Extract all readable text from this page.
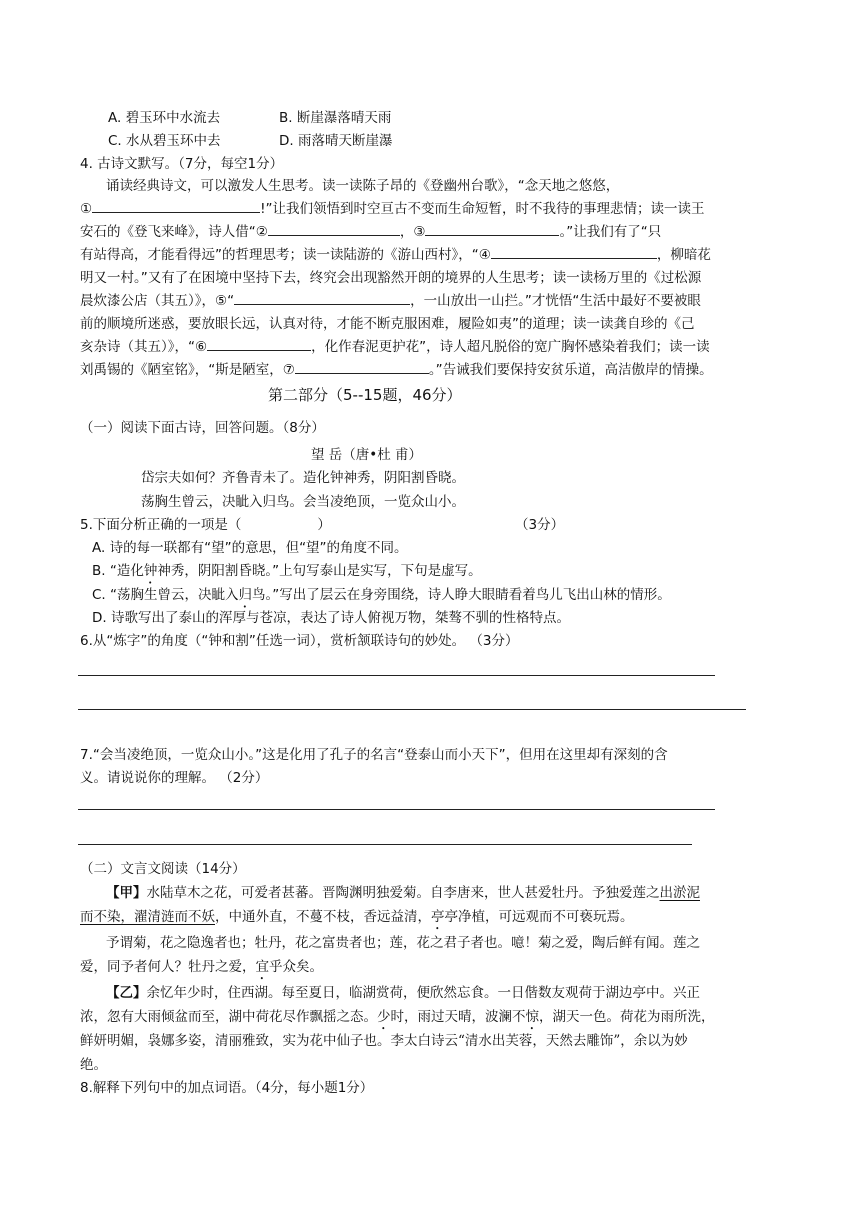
A. 碧玉环中水流去	B. 断崖瀑落晴天雨
C. 水从碧玉环中去	D. 雨落晴天断崖瀑
4. 古诗文默写。（7分，每空1分）
诵读经典诗文，可以激发人生思考。读一读陈子昂的《登幽州台歌》，“念天地之悠悠，
①	!”让我们领悟到时空亘古不变而生命短暂，时不我待的事理悲情；读一读王
安石的《登飞来峰》，诗人借“②	，③	。”让我们有了“只
有站得高，才能看得远”的哲理思考；读一读陆游的《游山西村》，“④	，柳暗花
明又一村。”又有了在困境中坚持下去，终究会出现豁然开朗的境界的人生思考；读一读杨万里的《过松源
晨炊漆公店（其五）》，⑤“	，一山放出一山拦。”才恍悟“生活中最好不要被眼
前的顺境所迷惑，要放眼长远，认真对待，才能不断克服困难，履险如夷”的道理；读一读龚自珍的《己
亥杂诗（其五）》，“⑥	，化作春泥更护花”，诗人超凡脱俗的宽广胸怀感染着我们；读一读
刘禹锡的《陋室铭》，“斯是陋室，⑦	。”告诫我们要保持安贫乐道，高洁傲岸的情操。
第二部分（5--15题，46分）
（一）阅读下面古诗，回答问题。（8分）
望 岳（唐•杜 甫）
岱宗夫如何？齐鲁青未了。造化钟神秀，阴阳割昏晓。
荡胸生曾云，决眦入归鸟。会当凌绝顶，一览众山小。
5.下面分析正确的一项是（	）	（3分）
A. 诗的每一联都有“望”的意思，但“望”的角度不同。
B. “造化钟神秀，阴阳割昏晓。”上句写泰山是实写，下句是虚写。
C. “荡胸生曾云，决眦入归鸟。”写出了层云在身旁围绕，诗人睁大眼睛看着鸟儿飞出山林的情形。
D. 诗歌写出了泰山的浑厚与苍凉，表达了诗人俯视万物，桀骜不驯的性格特点。
6.从“炼字”的角度（“钟和割”任选一词），赏析颔联诗句的妙处。 （3分）
7.“会当凌绝顶，一览众山小。”这是化用了孔子的名言“登泰山而小天下”，但用在这里却有深刻的含
义。请说说你的理解。 （2分）
（二）文言文阅读（14分）
【甲】水陆草木之花，可爱者甚蕃。晋陶渊明独爱菊。自李唐来，世人甚爱牡丹。予独爱莲之出淤泥
而不染，濯清涟而不妖，中通外直，不蔓不枝，香远益清，亭亭净植，可远观而不可亵玩焉。
予谓菊，花之隐逸者也；牡丹，花之富贵者也；莲，花之君子者也。噫！菊之爱，陶后鲜有闻。莲之
爱，同予者何人？牡丹之爱，宜乎众矣。
【乙】余忆年少时，住西湖。每至夏日，临湖赏荷，便欣然忘食。一日偕数友观荷于湖边亭中。兴正
浓，忽有大雨倾盆而至，湖中荷花尽作飘摇之态。少时，雨过天晴，波澜不惊，湖天一色。荷花为雨所洗，
鲜妍明媚，袅娜多姿，清丽雅致，实为花中仙子也。李太白诗云“清水出芙蓉，天然去雕饰”，余以为妙
绝。
8.解释下列句中的加点词语。（4分，每小题1分）
